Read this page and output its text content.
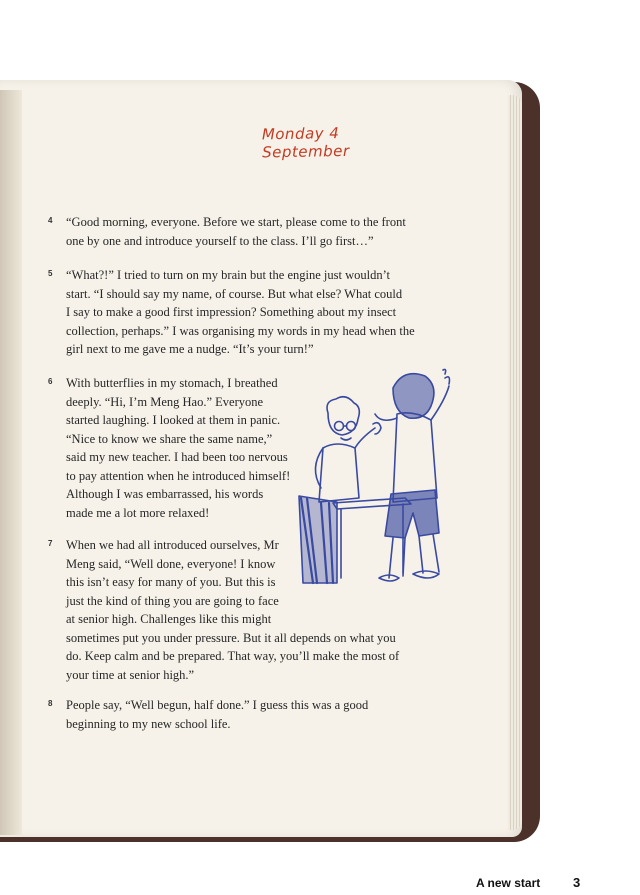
Monday 4 September
4	“Good morning, everyone. Before we start, please come to the front
one by one and introduce yourself to the class. I’ll go first…”
5	“What?!” I tried to turn on my brain but the engine just wouldn’t
start. “I should say my name, of course. But what else? What could
I say to make a good first impression? Something about my insect
collection, perhaps.” I was organising my words in my head when the
girl next to me gave me a nudge. “It’s your turn!”
6	With butterflies in my stomach, I breathed
deeply. “Hi, I’m Meng Hao.” Everyone
started laughing. I looked at them in panic.
“Nice to know we share the same name,”
said my new teacher. I had been too nervous
to pay attention when he introduced himself!
Although I was embarrassed, his words
made me a lot more relaxed!
7	When we had all introduced ourselves, Mr
Meng said, “Well done, everyone! I know
this isn’t easy for many of you. But this is
just the kind of thing you are going to face
at senior high. Challenges like this might
sometimes put you under pressure. But it all depends on what you
do. Keep calm and be prepared. That way, you’ll make the most of
your time at senior high.”
8	People say, “Well begun, half done.” I guess this was a good
beginning to my new school life.
A new start	3
